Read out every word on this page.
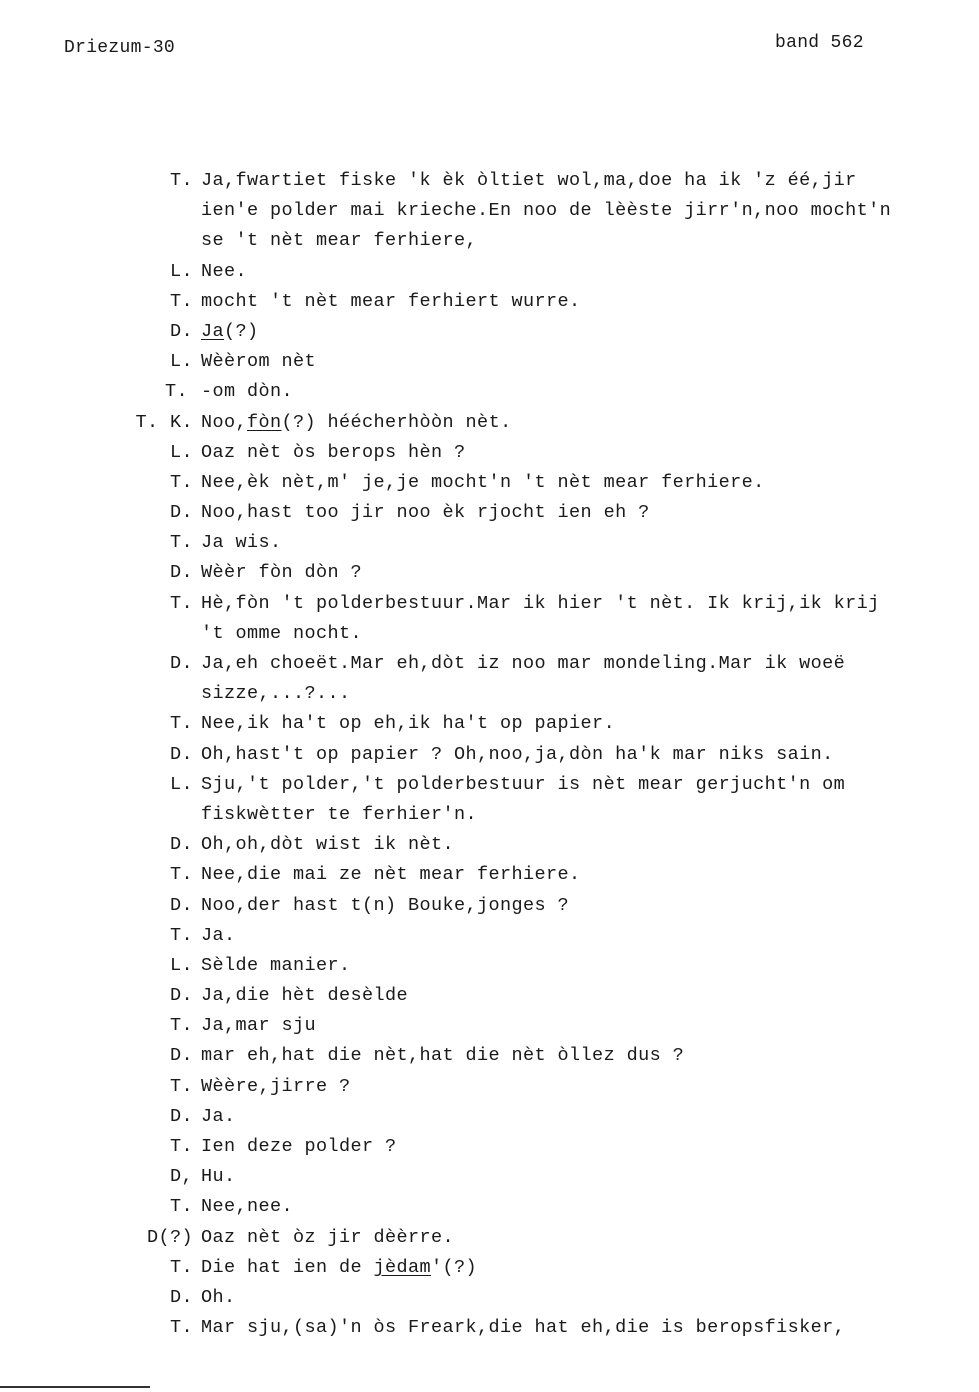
Driezum-30	band 562
T. Ja,fwartiet fiske 'k èk òltiet wol,ma,doe ha ik 'z éé,jir
ien'e polder mai krieche.En noo de lèèste jirr'n,noo mocht'n
se 't nèt mear ferhiere,
L. Nee.
T. mocht 't nèt mear ferhiert wurre.
D. Ja(?)
L. Wèèrom nèt
T. -om dòn.
T. K. Noo,fòn(?) héécherhòòn nèt.
L. Oaz nèt òs berops hèn ?
T. Nee,èk nèt,m' je,je mocht'n 't nèt mear ferhiere.
D. Noo,hast too jir noo èk rjocht ien eh ?
T. Ja wis.
D. Wèèr fòn dòn ?
T. Hè,fòn 't polderbestuur.Mar ik hier 't nèt. Ik krij,ik krij
't omme nocht.
D. Ja,eh choeët.Mar eh,dòt iz noo mar mondeling.Mar ik woeë
sizze,...?...
T. Nee,ik ha't op eh,ik ha't op papier.
D. Oh,hast't op papier ? Oh,noo,ja,dòn ha'k mar niks sain.
L. Sju,'t polder,'t polderbestuur is nèt mear gerjucht'n om
fiskwètter te ferhier'n.
D. Oh,oh,dòt wist ik nèt.
T. Nee,die mai ze nèt mear ferhiere.
D. Noo,der hast t(n) Bouke,jonges ?
T. Ja.
L. Sèlde manier.
D. Ja,die hèt desèlde
T. Ja,mar sju
D. mar eh,hat die nèt,hat die nèt òllez dus ?
T. Wèère,jirre ?
D. Ja.
T. Ien deze polder ?
D, Hu.
T. Nee,nee.
D(?) Oaz nèt òz jir dèèrre.
T. Die hat ien de jèdam'(?)
D. Oh.
T. Mar sju,(sa)'n òs Freark,die hat eh,die is beropsfisker,
